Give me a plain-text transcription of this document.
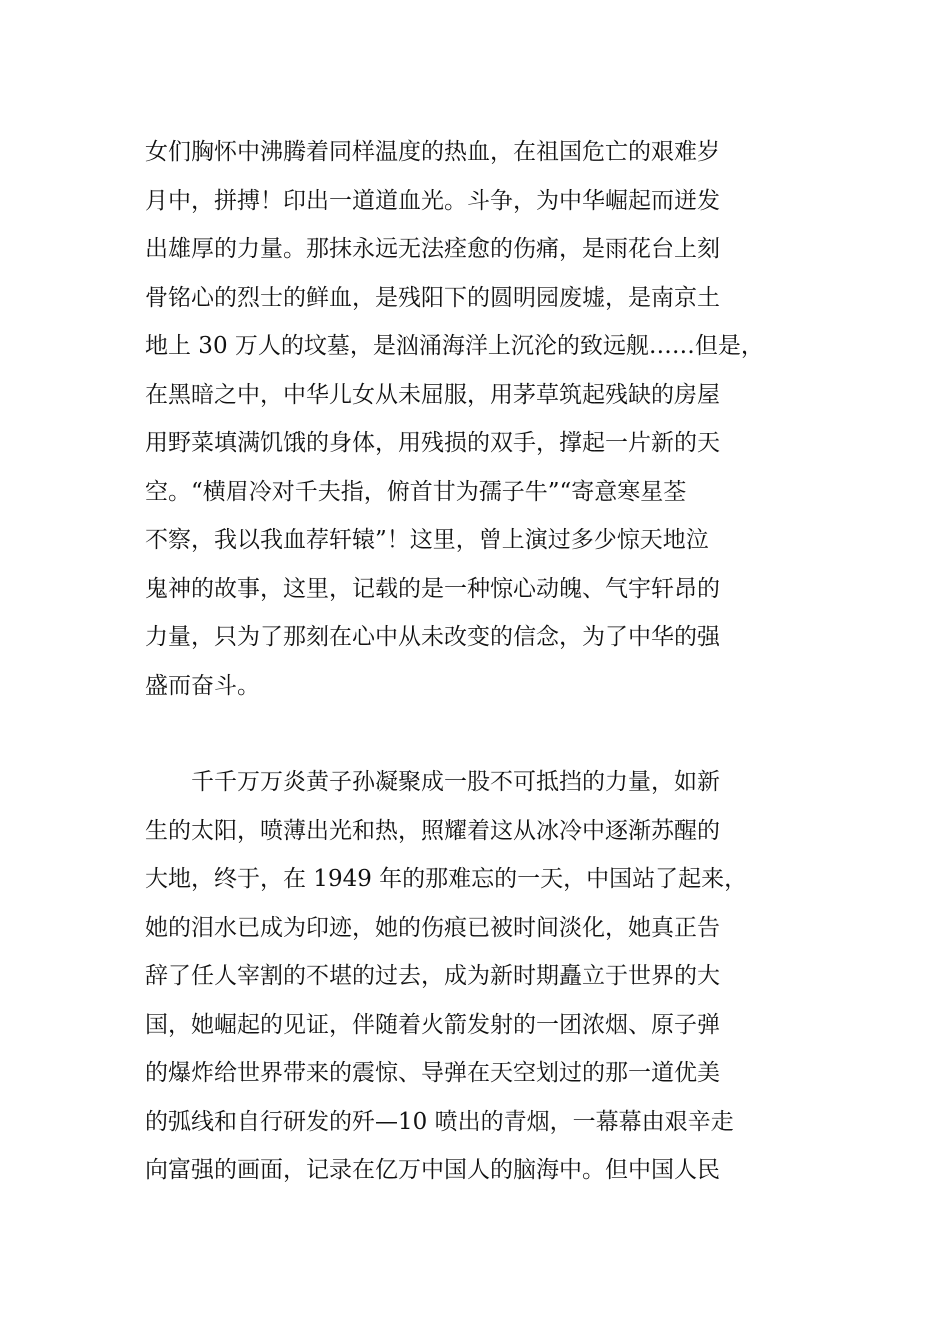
女们胸怀中沸腾着同样温度的热血，在祖国危亡的艰难岁
月中，拼搏！印出一道道血光。斗争，为中华崛起而迸发
出雄厚的力量。那抹永远无法痊愈的伤痛，是雨花台上刻
骨铭心的烈士的鲜血，是残阳下的圆明园废墟，是南京土
地上 30 万人的坟墓，是汹涌海洋上沉沦的致远舰……但是，
在黑暗之中，中华儿女从未屈服，用茅草筑起残缺的房屋
用野菜填满饥饿的身体，用残损的双手，撑起一片新的天
空。“横眉冷对千夫指，俯首甘为孺子牛”“寄意寒星荃
不察，我以我血荐轩辕”！这里，曾上演过多少惊天地泣
鬼神的故事，这里，记载的是一种惊心动魄、气宇轩昂的
力量，只为了那刻在心中从未改变的信念，为了中华的强
盛而奋斗。
　　千千万万炎黄子孙凝聚成一股不可抵挡的力量，如新
生的太阳，喷薄出光和热，照耀着这从冰冷中逐渐苏醒的
大地，终于，在 1949 年的那难忘的一天，中国站了起来，
她的泪水已成为印迹，她的伤痕已被时间淡化，她真正告
辞了任人宰割的不堪的过去，成为新时期矗立于世界的大
国，她崛起的见证，伴随着火箭发射的一团浓烟、原子弹
的爆炸给世界带来的震惊、导弹在天空划过的那一道优美
的弧线和自行研发的歼—10 喷出的青烟，一幕幕由艰辛走
向富强的画面，记录在亿万中国人的脑海中。但中国人民
